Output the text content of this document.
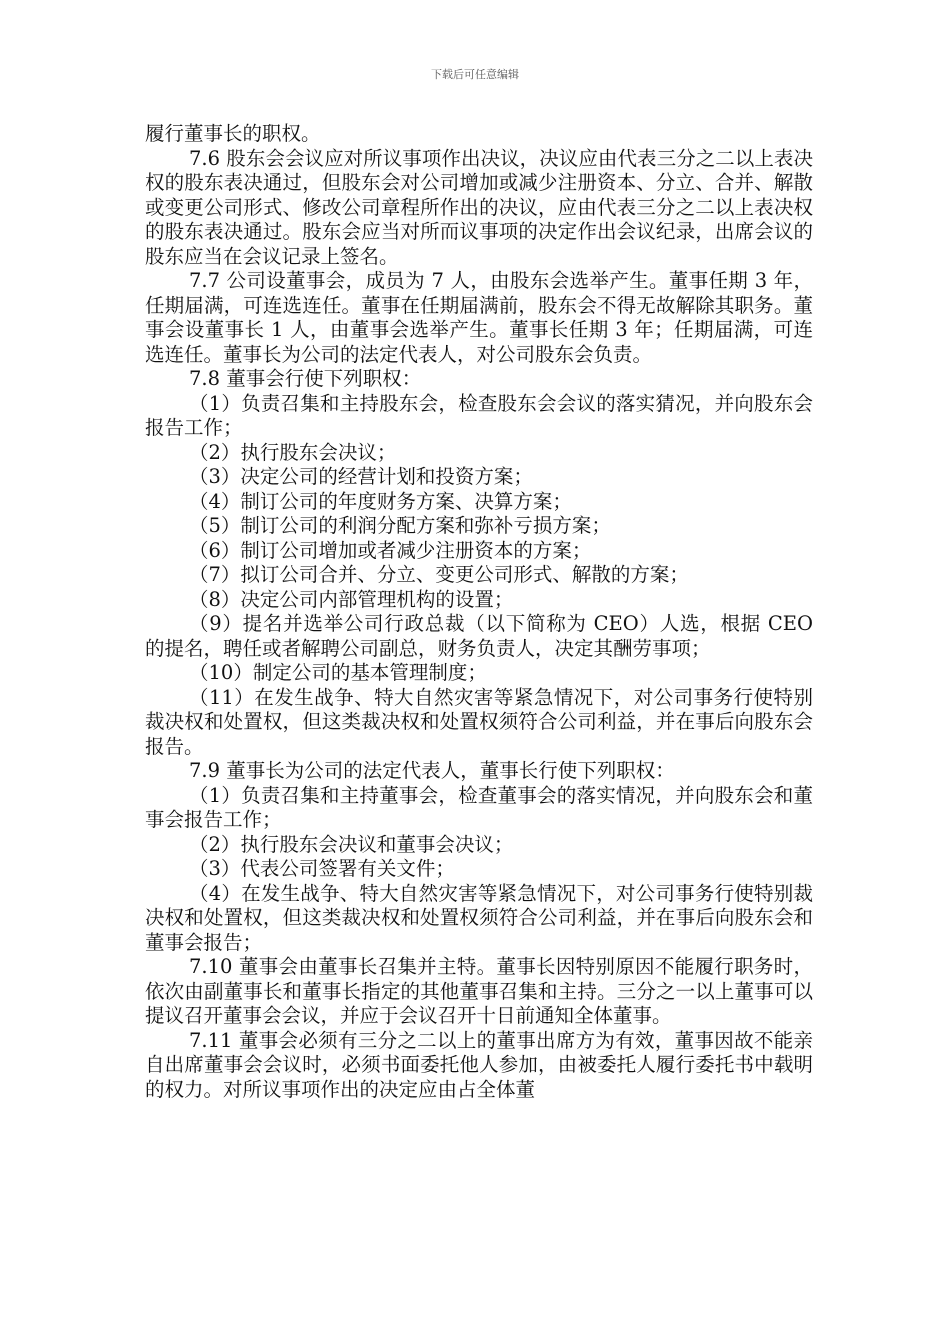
下载后可任意编辑

履行董事长的职权。

7.6 股东会会议应对所议事项作出决议，决议应由代表三分之二以上表决权的股东表决通过，但股东会对公司增加或减少注册资本、分立、合并、解散或变更公司形式、修改公司章程所作出的决议，应由代表三分之二以上表决权的股东表决通过。股东会应当对所而议事项的决定作出会议纪录，出席会议的股东应当在会议记录上签名。

7.7 公司设董事会，成员为 7 人，由股东会选举产生。董事任期 3 年，任期届满，可连选连任。董事在任期届满前，股东会不得无故解除其职务。董事会设董事长 1 人，由董事会选举产生。董事长任期 3 年；任期届满，可连选连任。董事长为公司的法定代表人，对公司股东会负责。

7.8 董事会行使下列职权：

（1）负责召集和主持股东会，检查股东会会议的落实猜况，并向股东会报告工作；

（2）执行股东会决议；

（3）决定公司的经营计划和投资方案；

（4）制订公司的年度财务方案、决算方案；

（5）制订公司的利润分配方案和弥补亏损方案；

（6）制订公司增加或者减少注册资本的方案；

（7）拟订公司合并、分立、变更公司形式、解散的方案；

（8）决定公司内部管理机构的设置；

（9）提名并选举公司行政总裁（以下简称为 CEO）人选，根据 CEO 的提名，聘任或者解聘公司副总，财务负责人，决定其酬劳事项；

（10）制定公司的基本管理制度；

（11）在发生战争、特大自然灾害等紧急情况下，对公司事务行使特别裁决权和处置权，但这类裁决权和处置权须符合公司利益，并在事后向股东会报告。

7.9 董事长为公司的法定代表人，董事长行使下列职权：

（1）负责召集和主持董事会，检查董事会的落实情况，并向股东会和董事会报告工作；

（2）执行股东会决议和董事会决议；

（3）代表公司签署有关文件；

（4）在发生战争、特大自然灾害等紧急情况下，对公司事务行使特别裁决权和处置权，但这类裁决权和处置权须符合公司利益，并在事后向股东会和董事会报告；

7.10 董事会由董事长召集并主特。董事长因特别原因不能履行职务时，依次由副董事长和董事长指定的其他董事召集和主持。三分之一以上董事可以提议召开董事会会议，并应于会议召开十日前通知全体董事。

7.11 董事会必须有三分之二以上的董事出席方为有效，董事因故不能亲自出席董事会会议时，必须书面委托他人参加，由被委托人履行委托书中载明的权力。对所议事项作出的决定应由占全体董
